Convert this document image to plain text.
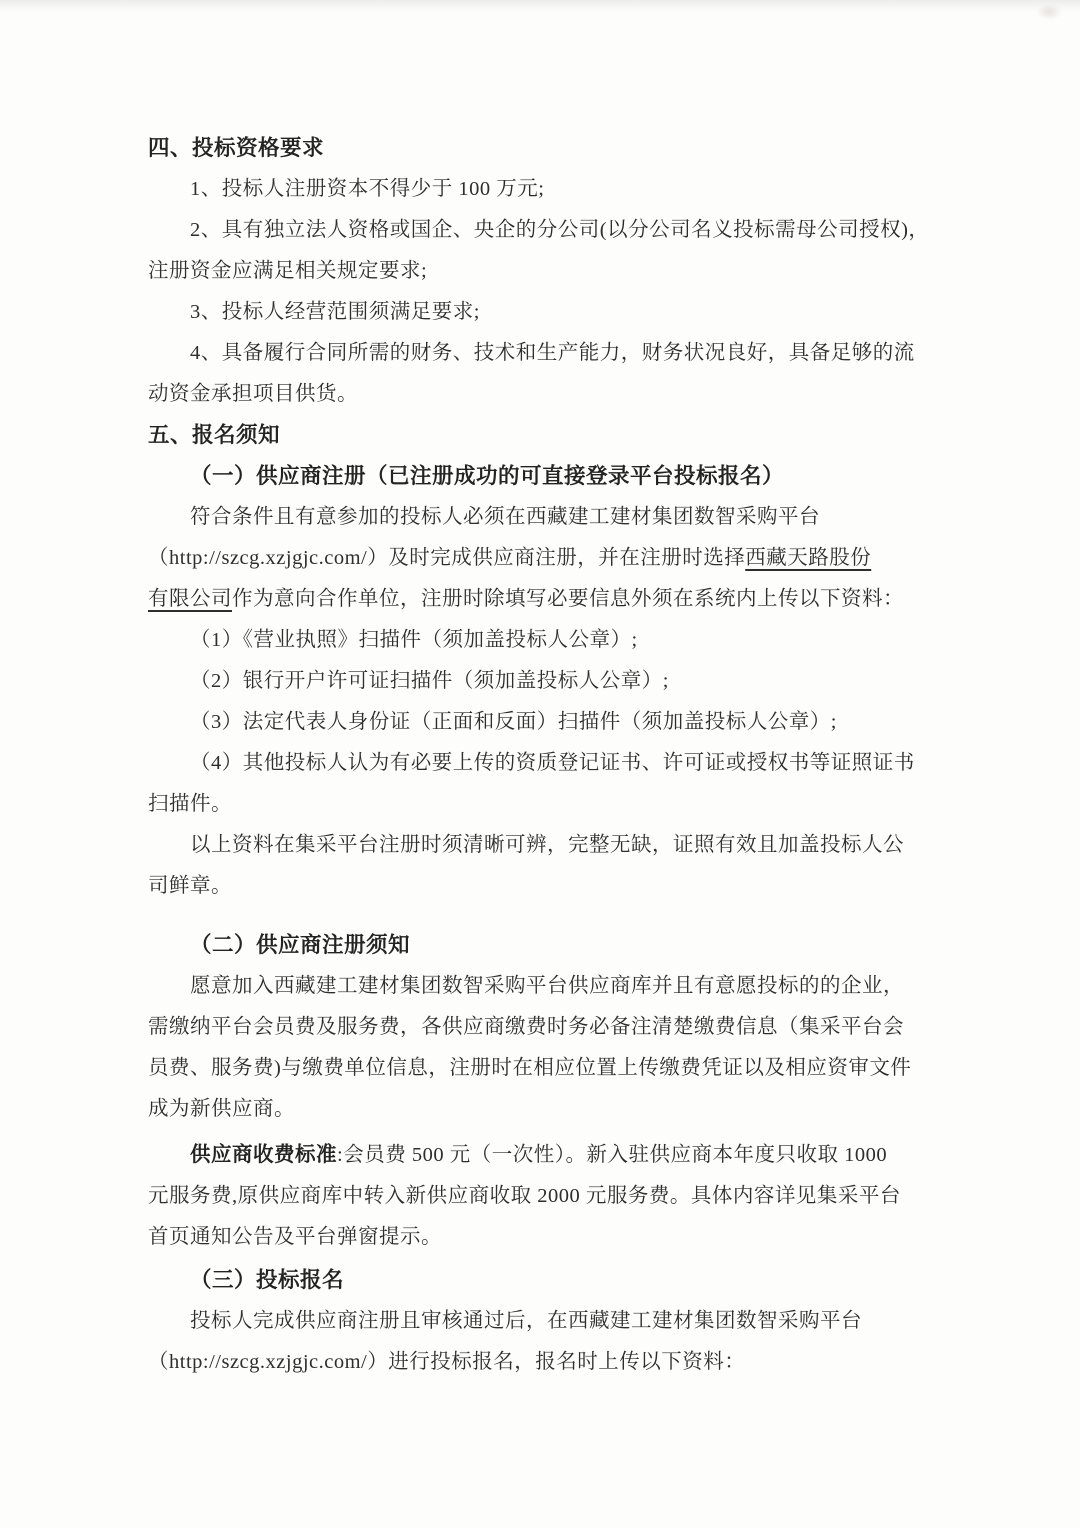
四、投标资格要求
1、投标人注册资本不得少于 100 万元;
2、具有独立法人资格或国企、央企的分公司(以分公司名义投标需母公司授权)，
注册资金应满足相关规定要求;
3、投标人经营范围须满足要求;
4、具备履行合同所需的财务、技术和生产能力，财务状况良好，具备足够的流
动资金承担项目供货。
五、报名须知
（一）供应商注册（已注册成功的可直接登录平台投标报名）
符合条件且有意参加的投标人必须在西藏建工建材集团数智采购平台
（http://szcg.xzjgjc.com/）及时完成供应商注册，并在注册时选择西藏天路股份
有限公司作为意向合作单位，注册时除填写必要信息外须在系统内上传以下资料：
（1）《营业执照》扫描件（须加盖投标人公章）;
（2）银行开户许可证扫描件（须加盖投标人公章）;
（3）法定代表人身份证（正面和反面）扫描件（须加盖投标人公章）;
（4）其他投标人认为有必要上传的资质登记证书、许可证或授权书等证照证书
扫描件。
以上资料在集采平台注册时须清晰可辨，完整无缺，证照有效且加盖投标人公
司鲜章。
（二）供应商注册须知
愿意加入西藏建工建材集团数智采购平台供应商库并且有意愿投标的的企业，
需缴纳平台会员费及服务费，各供应商缴费时务必备注清楚缴费信息（集采平台会
员费、服务费)与缴费单位信息，注册时在相应位置上传缴费凭证以及相应资审文件
成为新供应商。
供应商收费标准:会员费 500 元（一次性）。新入驻供应商本年度只收取 1000
元服务费,原供应商库中转入新供应商收取 2000 元服务费。具体内容详见集采平台
首页通知公告及平台弹窗提示。
（三）投标报名
投标人完成供应商注册且审核通过后，在西藏建工建材集团数智采购平台
（http://szcg.xzjgjc.com/）进行投标报名，报名时上传以下资料：
